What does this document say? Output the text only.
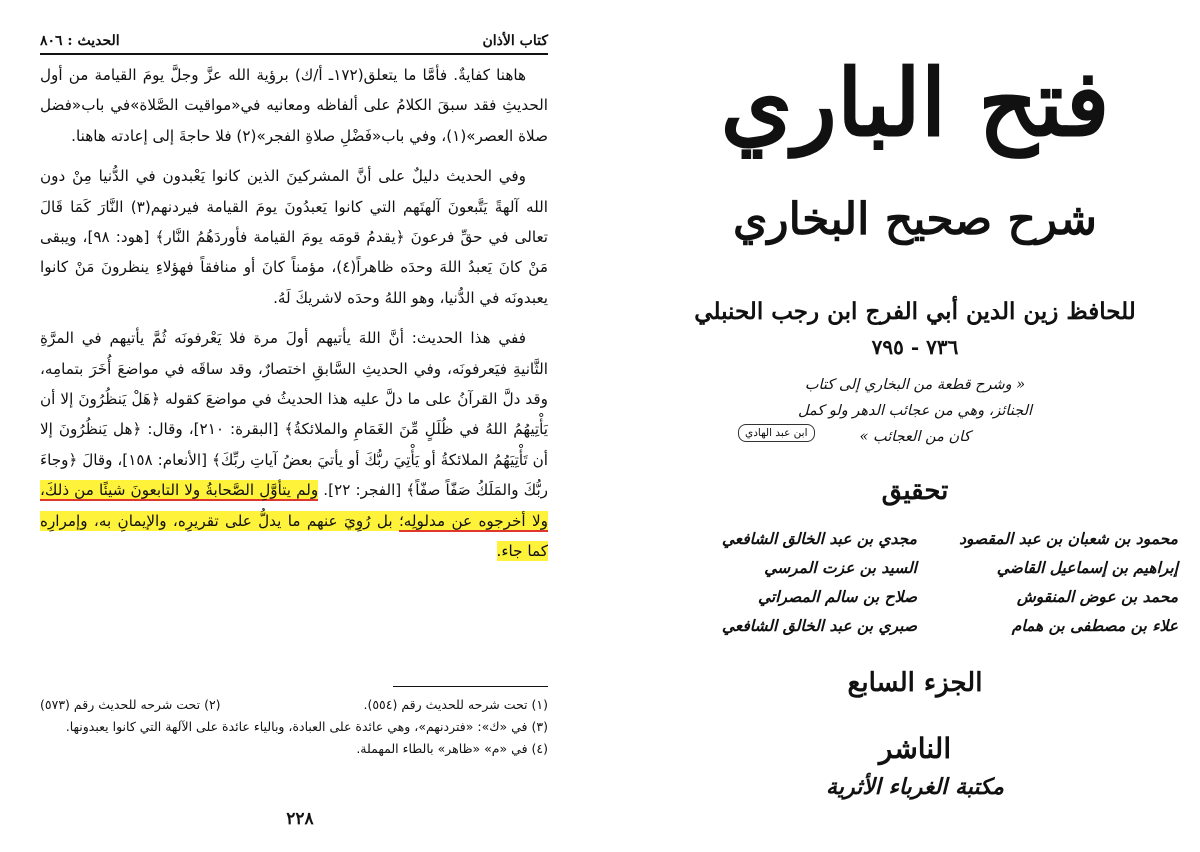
كتاب الأذان
الحديث : ٨٠٦

هاهنا كفايةٌ. فأمَّا ما يتعلق(١٧٢ـ أ/ك) برؤية الله عزَّ وجلَّ يومَ القيامة من أول الحديثِ فقد سبقَ الكلامُ على ألفاظه ومعانيه في«مواقيت الصَّلاة»في باب«فضل صلاة العصر»(١)، وفي باب«فَضْلِ صلاةِ الفجر»(٢) فلا حاجةَ إلى إعادته هاهنا.

وفي الحديث دليلٌ على أنَّ المشركينَ الذين كانوا يَعْبدون في الدُّنيا مِنْ دون الله آلهةً يَتَّبعونَ آلهتَهم التي كانوا يَعبدُونَ يومَ القيامة فيردنهم(٣) النَّارَ كَمَا قَالَ تعالى في حقِّ فرعونَ ﴿يقدمُ قومَه يومَ القيامة فأوردَهُمُ النَّار﴾ [هود: ٩٨]، ويبقى مَنْ كانَ يَعبدُ اللهَ وحدَه ظاهراً(٤)، مؤمناً كانَ أو منافقاً فهؤلاءِ ينظرونَ مَنْ كانوا يعبدونَه في الدُّنيا، وهو اللهُ وحدَه لاشريكَ لَهُ.

ففي هذا الحديث: أنَّ اللهَ يأتيهم أولَ مرة فلا يَعْرفونَه ثُمَّ يأتيهم في المرَّةِ الثَّانيةِ فيَعرفونَه، وفي الحديثِ السَّابقِ اختصارٌ، وقد ساقَه في مواضعَ أُخَرَ بتمامِه، وقد دلَّ القرآنُ على ما دلَّ عليه هذا الحديثُ في مواضعَ كقوله ﴿هَلْ يَنظُرُونَ إلا أن يَأْتِيهُمُ اللهُ في ظُلَلٍ مِّنَ الغَمَامِ والملائكةُ﴾ [البقرة: ٢١٠]، وقال: ﴿هل يَنظُرُونَ إلا أن تَأْتِيَهُمُ الملائكةُ أو يَأْتِيَ ربُّكَ أو يأتيَ بعضُ آياتِ ربِّكَ﴾ [الأنعام: ١٥٨]، وقالَ ﴿وجاءَ ربُّكَ والمَلَكُ صَفّاً صفّاً﴾ [الفجر: ٢٢]. ولم يتأوَّلِ الصَّحابةُ ولا التابعونَ شيئًا من ذلكَ، ولا أخرجوه عن مدلولِه؛ بل رُوِيَ عنهم ما يدلُّ على تقريرِه، والإيمانِ به، وإمرارِه كما جاء.

(١) تحت شرحه للحديث رقم (٥٥٤).
(٢) تحت شرحه للحديث رقم (٥٧٣)

(٣) في «ك»: «فتردنهم»، وهي عائدة على العبادة، وبالياء عائدة على الآلهة التي كانوا يعبدونها.

(٤) في «م» «ظاهر» بالطاء المهملة.

٢٢٨
فتح الباري
شرح صحيح البخاري
للحافظ زين الدين أبي الفرج ابن رجب الحنبلي
٧٣٦ - ٧٩٥
« وشرح قطعة من البخاري إلى كتاب
الجنائز، وهي من عجائب الدهر ولو كمل
كان من العجائب »
ابن عبد الهادي
تحقيق
محمود بن شعبان بن عبد المقصود
إبراهيم بن إسماعيل القاضي
محمد بن عوض المنقوش
علاء بن مصطفى بن همام
مجدي بن عبد الخالق الشافعي
السيد بن عزت المرسي
صلاح بن سالم المصراتي
صبري بن عبد الخالق الشافعي
الجزء السابع
الناشر
مكتبة الغرباء الأثرية
